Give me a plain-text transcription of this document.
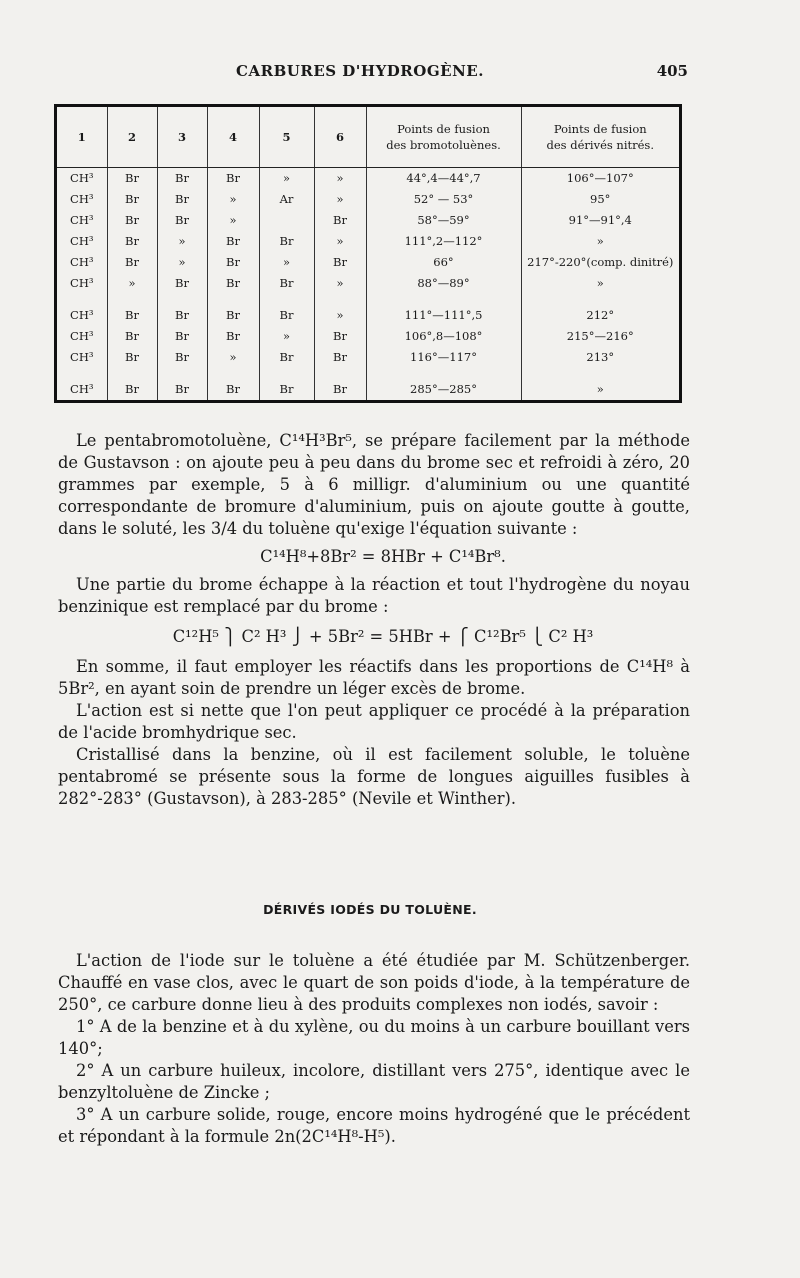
CARBURES D'HYDROGÈNE.	405
1	2	3	4	5	6	Points de fusion
des bromotoluènes.	Points de fusion
des dérivés nitrés.
CH³	Br	Br	Br	»	»	44°,4—44°,7	106°—107°
CH³	Br	Br	»	Ar	»	52° — 53°	95°
CH³	Br	Br	»		Br	58°—59°	91°—91°,4
CH³	Br	»	Br	Br	»	111°,2—112°	»
CH³	Br	»	Br	»	Br	66°	217°-220°(comp. dinitré)
CH³	»	Br	Br	Br	»	88°—89°	»

CH³	Br	Br	Br	Br	»	111°—111°,5	212°
CH³	Br	Br	Br	»	Br	106°,8—108°	215°—216°
CH³	Br	Br	»	Br	Br	116°—117°	213°

CH³	Br	Br	Br	Br	Br	285°—285°	»

Le pentabromotoluène, C¹⁴H³Br⁵, se prépare facilement par la méthode de Gustavson : on ajoute peu à peu dans du brome sec et refroidi à zéro, 20 grammes par exemple, 5 à 6 milligr. d'aluminium ou une quantité correspondante de bromure d'aluminium, puis on ajoute goutte à goutte, dans le soluté, les 3/4 du toluène qu'exige l'équation suivante :

C¹⁴H⁸+8Br² = 8HBr + C¹⁴Br⁸.

Une partie du brome échappe à la réaction et tout l'hydrogène du noyau benzinique est remplacé par du brome :

C¹²H⁵ ⎫ C² H³ ⎭ + 5Br² = 5HBr + ⎧ C¹²Br⁵ ⎩ C² H³

En somme, il faut employer les réactifs dans les proportions de C¹⁴H⁸ à 5Br², en ayant soin de prendre un léger excès de brome.

L'action est si nette que l'on peut appliquer ce procédé à la préparation de l'acide bromhydrique sec.

Cristallisé dans la benzine, où il est facilement soluble, le toluène pentabromé se présente sous la forme de longues aiguilles fusibles à 282°-283° (Gustavson), à 283-285° (Nevile et Winther).

DÉRIVÉS IODÉS DU TOLUÈNE.

L'action de l'iode sur le toluène a été étudiée par M. Schützenberger. Chauffé en vase clos, avec le quart de son poids d'iode, à la température de 250°, ce carbure donne lieu à des produits complexes non iodés, savoir :

1° A de la benzine et à du xylène, ou du moins à un carbure bouillant vers 140°;

2° A un carbure huileux, incolore, distillant vers 275°, identique avec le benzyltoluène de Zincke ;

3° A un carbure solide, rouge, encore moins hydrogéné que le précédent et répondant à la formule 2n(2C¹⁴H⁸-H⁵).
